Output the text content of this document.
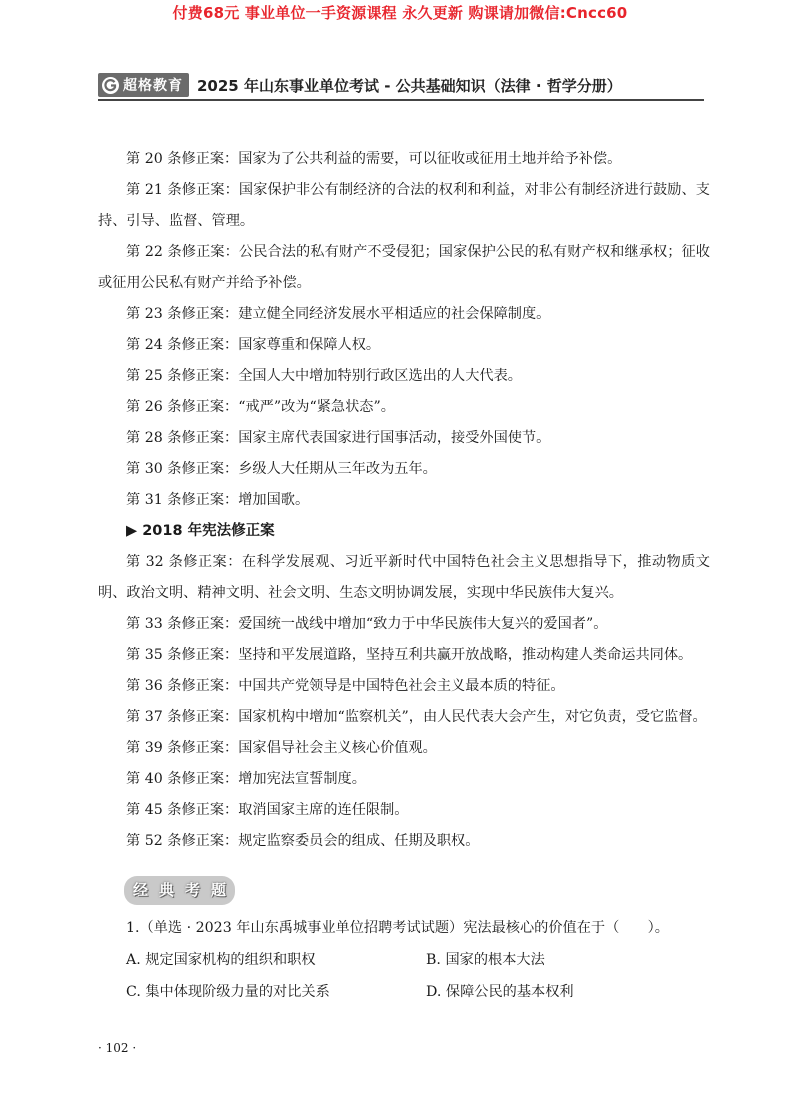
付费68元 事业单位一手资源课程 永久更新 购课请加微信:Cncc60
超格教育 2025 年山东事业单位考试 - 公共基础知识（法律 · 哲学分册）

第 20 条修正案：国家为了公共利益的需要，可以征收或征用土地并给予补偿。

第 21 条修正案：国家保护非公有制经济的合法的权利和利益，对非公有制经济进行鼓励、支持、引导、监督、管理。

第 22 条修正案：公民合法的私有财产不受侵犯；国家保护公民的私有财产权和继承权；征收或征用公民私有财产并给予补偿。

第 23 条修正案：建立健全同经济发展水平相适应的社会保障制度。

第 24 条修正案：国家尊重和保障人权。

第 25 条修正案：全国人大中增加特别行政区选出的人大代表。

第 26 条修正案：“戒严”改为“紧急状态”。

第 28 条修正案：国家主席代表国家进行国事活动，接受外国使节。

第 30 条修正案：乡级人大任期从三年改为五年。

第 31 条修正案：增加国歌。

▶ 2018 年宪法修正案

第 32 条修正案：在科学发展观、习近平新时代中国特色社会主义思想指导下，推动物质文明、政治文明、精神文明、社会文明、生态文明协调发展，实现中华民族伟大复兴。

第 33 条修正案：爱国统一战线中增加“致力于中华民族伟大复兴的爱国者”。

第 35 条修正案：坚持和平发展道路，坚持互利共赢开放战略，推动构建人类命运共同体。

第 36 条修正案：中国共产党领导是中国特色社会主义最本质的特征。

第 37 条修正案：国家机构中增加“监察机关”，由人民代表大会产生，对它负责，受它监督。

第 39 条修正案：国家倡导社会主义核心价值观。

第 40 条修正案：增加宪法宣誓制度。

第 45 条修正案：取消国家主席的连任限制。

第 52 条修正案：规定监察委员会的组成、任期及职权。

经 典 考 题

1.（单选 · 2023 年山东禹城事业单位招聘考试试题）宪法最核心的价值在于（　　）。

A. 规定国家机构的组织和职权	B. 国家的根本大法
C. 集中体现阶级力量的对比关系	D. 保障公民的基本权利
· 102 ·
